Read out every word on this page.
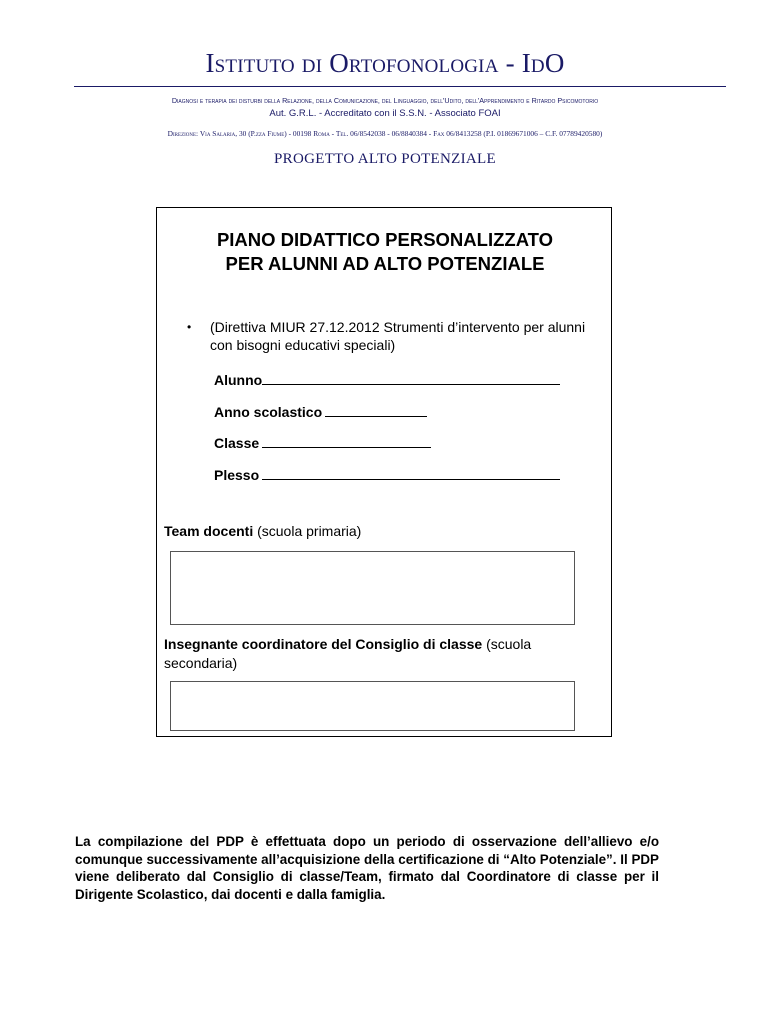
Istituto di Ortofonologia - IdO
Diagnosi e terapia dei disturbi della Relazione, della Comunicazione, del Linguaggio, dell'Udito, dell'Apprendimento e Ritardo Psicomotorio
Aut. G.R.L. - Accreditato con il S.S.N. - Associato FOAI
Direzione: Via Salaria, 30 (P.zza Fiume) - 00198 Roma - Tel. 06/8542038 - 06/8840384 - Fax 06/8413258 (P.I. 01869671006 – C.F. 07789420580)
PROGETTO ALTO POTENZIALE
PIANO DIDATTICO PERSONALIZZATO
PER ALUNNI AD ALTO POTENZIALE
• (Direttiva MIUR 27.12.2012 Strumenti d’intervento per alunni con bisogni educativi speciali)
Alunno
Anno scolastico
Classe
Plesso
Team docenti (scuola primaria)
Insegnante coordinatore del Consiglio di classe (scuola secondaria)

La compilazione del PDP è effettuata dopo un periodo di osservazione dell’allievo e/o comunque successivamente all’acquisizione della certificazione di “Alto Potenziale”. Il PDP viene deliberato dal Consiglio di classe/Team, firmato dal Coordinatore di classe per il Dirigente Scolastico, dai docenti e dalla famiglia.
